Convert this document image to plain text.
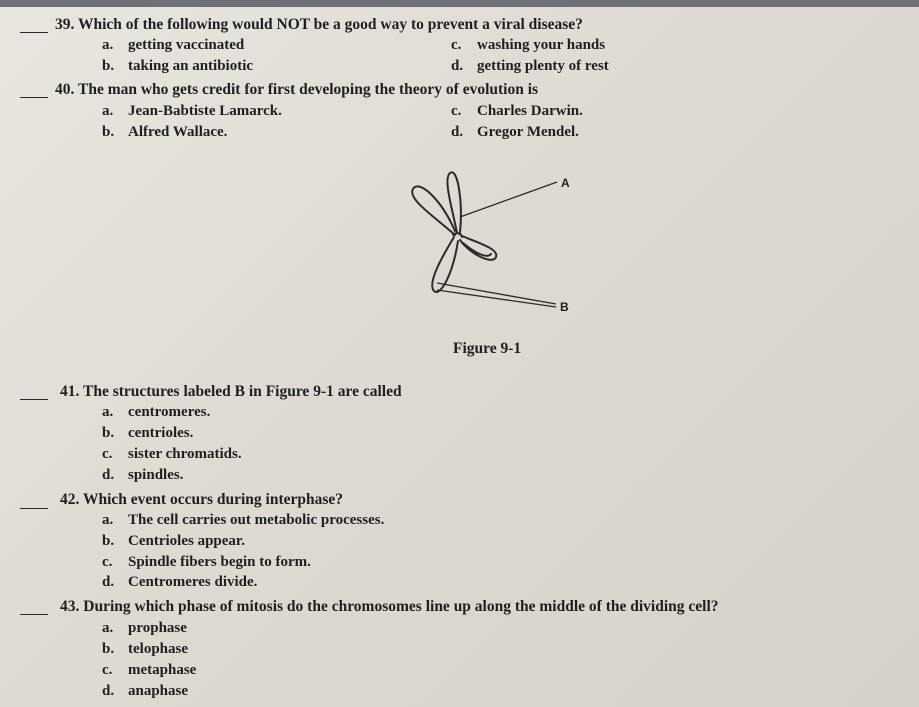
39. Which of the following would NOT be a good way to prevent a viral disease?
a. getting vaccinated
b. taking an antibiotic
c. washing your hands
d. getting plenty of rest
40. The man who gets credit for first developing the theory of evolution is
a. Jean-Babtiste Lamarck.
b. Alfred Wallace.
c. Charles Darwin.
d. Gregor Mendel.
A
B
Figure 9-1
41. The structures labeled B in Figure 9-1 are called
a. centromeres.
b. centrioles.
c. sister chromatids.
d. spindles.
42. Which event occurs during interphase?
a. The cell carries out metabolic processes.
b. Centrioles appear.
c. Spindle fibers begin to form.
d. Centromeres divide.
43. During which phase of mitosis do the chromosomes line up along the middle of the dividing cell?
a. prophase
b. telophase
c. metaphase
d. anaphase
